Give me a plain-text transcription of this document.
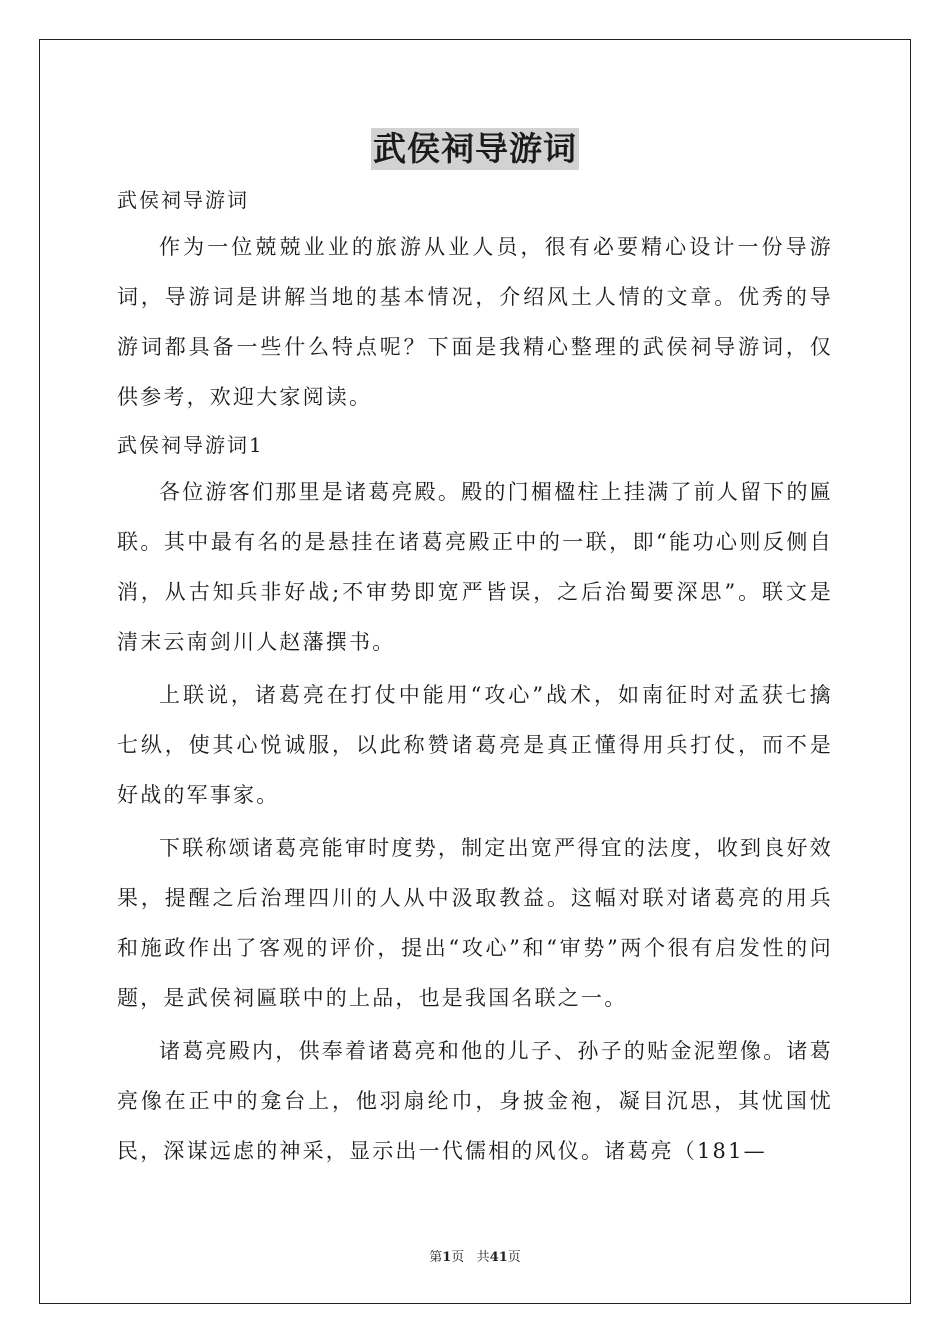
武侯祠导游词
武侯祠导游词

作为一位兢兢业业的旅游从业人员，很有必要精心设计一份导游词，导游词是讲解当地的基本情况，介绍风土人情的文章。优秀的导游词都具备一些什么特点呢？下面是我精心整理的武侯祠导游词，仅供参考，欢迎大家阅读。

武侯祠导游词1

各位游客们那里是诸葛亮殿。殿的门楣楹柱上挂满了前人留下的匾联。其中最有名的是悬挂在诸葛亮殿正中的一联，即“能功心则反侧自消，从古知兵非好战;不审势即宽严皆误，之后治蜀要深思”。联文是清末云南剑川人赵藩撰书。

上联说，诸葛亮在打仗中能用“攻心”战术，如南征时对孟获七擒七纵，使其心悦诚服，以此称赞诸葛亮是真正懂得用兵打仗，而不是好战的军事家。

下联称颂诸葛亮能审时度势，制定出宽严得宜的法度，收到良好效果，提醒之后治理四川的人从中汲取教益。这幅对联对诸葛亮的用兵和施政作出了客观的评价，提出“攻心”和“审势”两个很有启发性的问题，是武侯祠匾联中的上品，也是我国名联之一。

诸葛亮殿内，供奉着诸葛亮和他的儿子、孙子的贴金泥塑像。诸葛亮像在正中的龛台上，他羽扇纶巾，身披金袍，凝目沉思，其忧国忧民，深谋远虑的神采，显示出一代儒相的风仪。诸葛亮（181—

第1页 共41页
